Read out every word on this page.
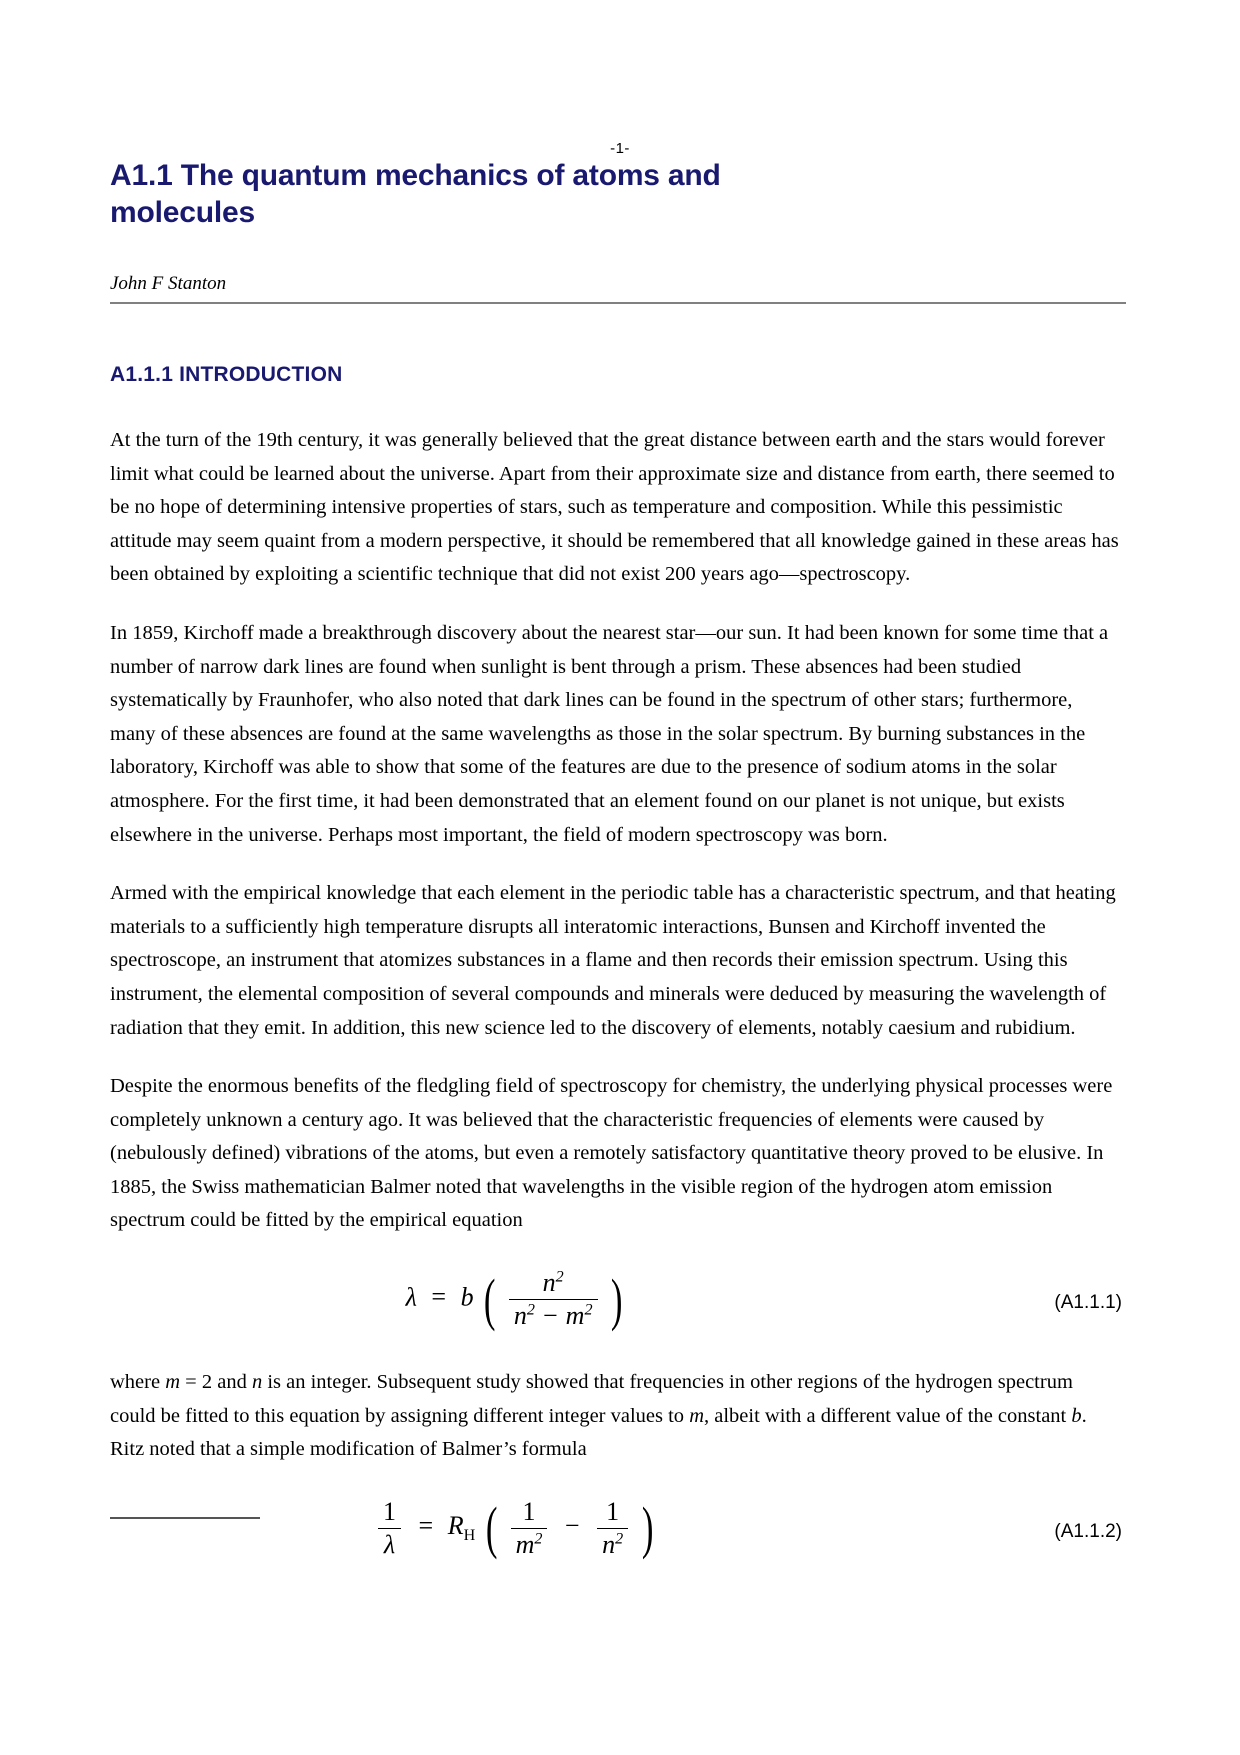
-1-
A1.1 The quantum mechanics of atoms and molecules
John F Stanton
A1.1.1 INTRODUCTION

At the turn of the 19th century, it was generally believed that the great distance between earth and the stars would forever limit what could be learned about the universe. Apart from their approximate size and distance from earth, there seemed to be no hope of determining intensive properties of stars, such as temperature and composition. While this pessimistic attitude may seem quaint from a modern perspective, it should be remembered that all knowledge gained in these areas has been obtained by exploiting a scientific technique that did not exist 200 years ago—spectroscopy.

In 1859, Kirchoff made a breakthrough discovery about the nearest star—our sun. It had been known for some time that a number of narrow dark lines are found when sunlight is bent through a prism. These absences had been studied systematically by Fraunhofer, who also noted that dark lines can be found in the spectrum of other stars; furthermore, many of these absences are found at the same wavelengths as those in the solar spectrum. By burning substances in the laboratory, Kirchoff was able to show that some of the features are due to the presence of sodium atoms in the solar atmosphere. For the first time, it had been demonstrated that an element found on our planet is not unique, but exists elsewhere in the universe. Perhaps most important, the field of modern spectroscopy was born.

Armed with the empirical knowledge that each element in the periodic table has a characteristic spectrum, and that heating materials to a sufficiently high temperature disrupts all interatomic interactions, Bunsen and Kirchoff invented the spectroscope, an instrument that atomizes substances in a flame and then records their emission spectrum. Using this instrument, the elemental composition of several compounds and minerals were deduced by measuring the wavelength of radiation that they emit. In addition, this new science led to the discovery of elements, notably caesium and rubidium.

Despite the enormous benefits of the fledgling field of spectroscopy for chemistry, the underlying physical processes were completely unknown a century ago. It was believed that the characteristic frequencies of elements were caused by (nebulously defined) vibrations of the atoms, but even a remotely satisfactory quantitative theory proved to be elusive. In 1885, the Swiss mathematician Balmer noted that wavelengths in the visible region of the hydrogen atom emission spectrum could be fitted by the empirical equation

λ = b ( $\frac{n^2}{n^2 - m^2}$ )	(A1.1.1)

where m = 2 and n is an integer. Subsequent study showed that frequencies in other regions of the hydrogen spectrum could be fitted to this equation by assigning different integer values to m, albeit with a different value of the constant b. Ritz noted that a simple modification of Balmer’s formula

$\frac{1}{\lambda} = R_H$ ( $\frac{1}{m^2} - \frac{1}{n^2}$ )	(A1.1.2)
